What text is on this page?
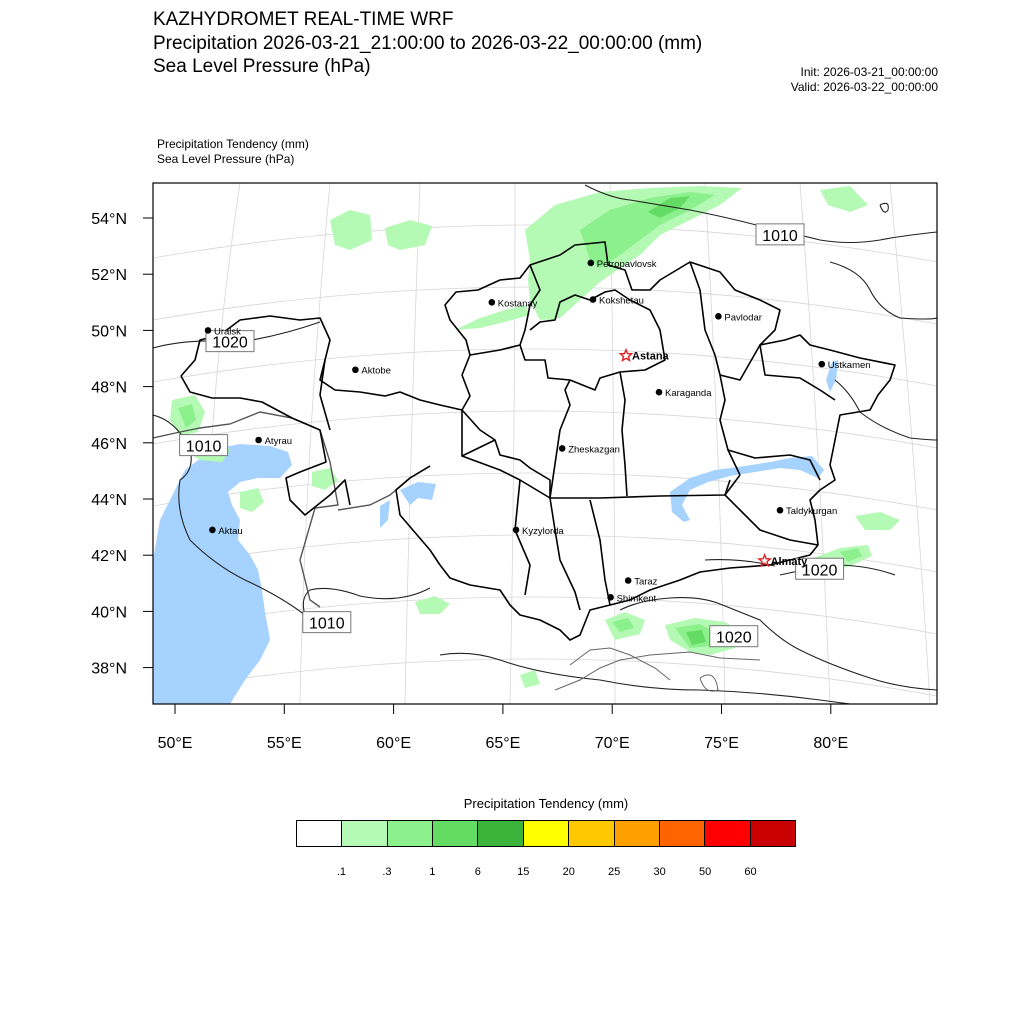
KAZHYDROMET REAL-TIME WRF
Precipitation 2026-03-21_21:00:00 to 2026-03-22_00:00:00 (mm)
Sea Level Pressure (hPa)	Init: 2026-03-21_00:00:00
Valid: 2026-03-22_00:00:00
Precipitation Tendency (mm)
Sea Level Pressure (hPa)
50°E	55°E	60°E	65°E	70°E	75°E	80°E
54°N
52°N
50°N
48°N
46°N
44°N
42°N
40°N
38°N
1010
1020
1010
1010
1020
1020
Petropavlovsk
Kostanay	Kokshetau
Uralsk
Pavlodar
Astana
Ustkamen
Aktobe
Karaganda
Atyrau
Zheskazgan
Aktau	Kyzylorda
Taldykurgan
Almaty
Taraz
Shimkent
Precipitation Tendency (mm)
.1	.3	1	6	15	20	25	30	50	60
